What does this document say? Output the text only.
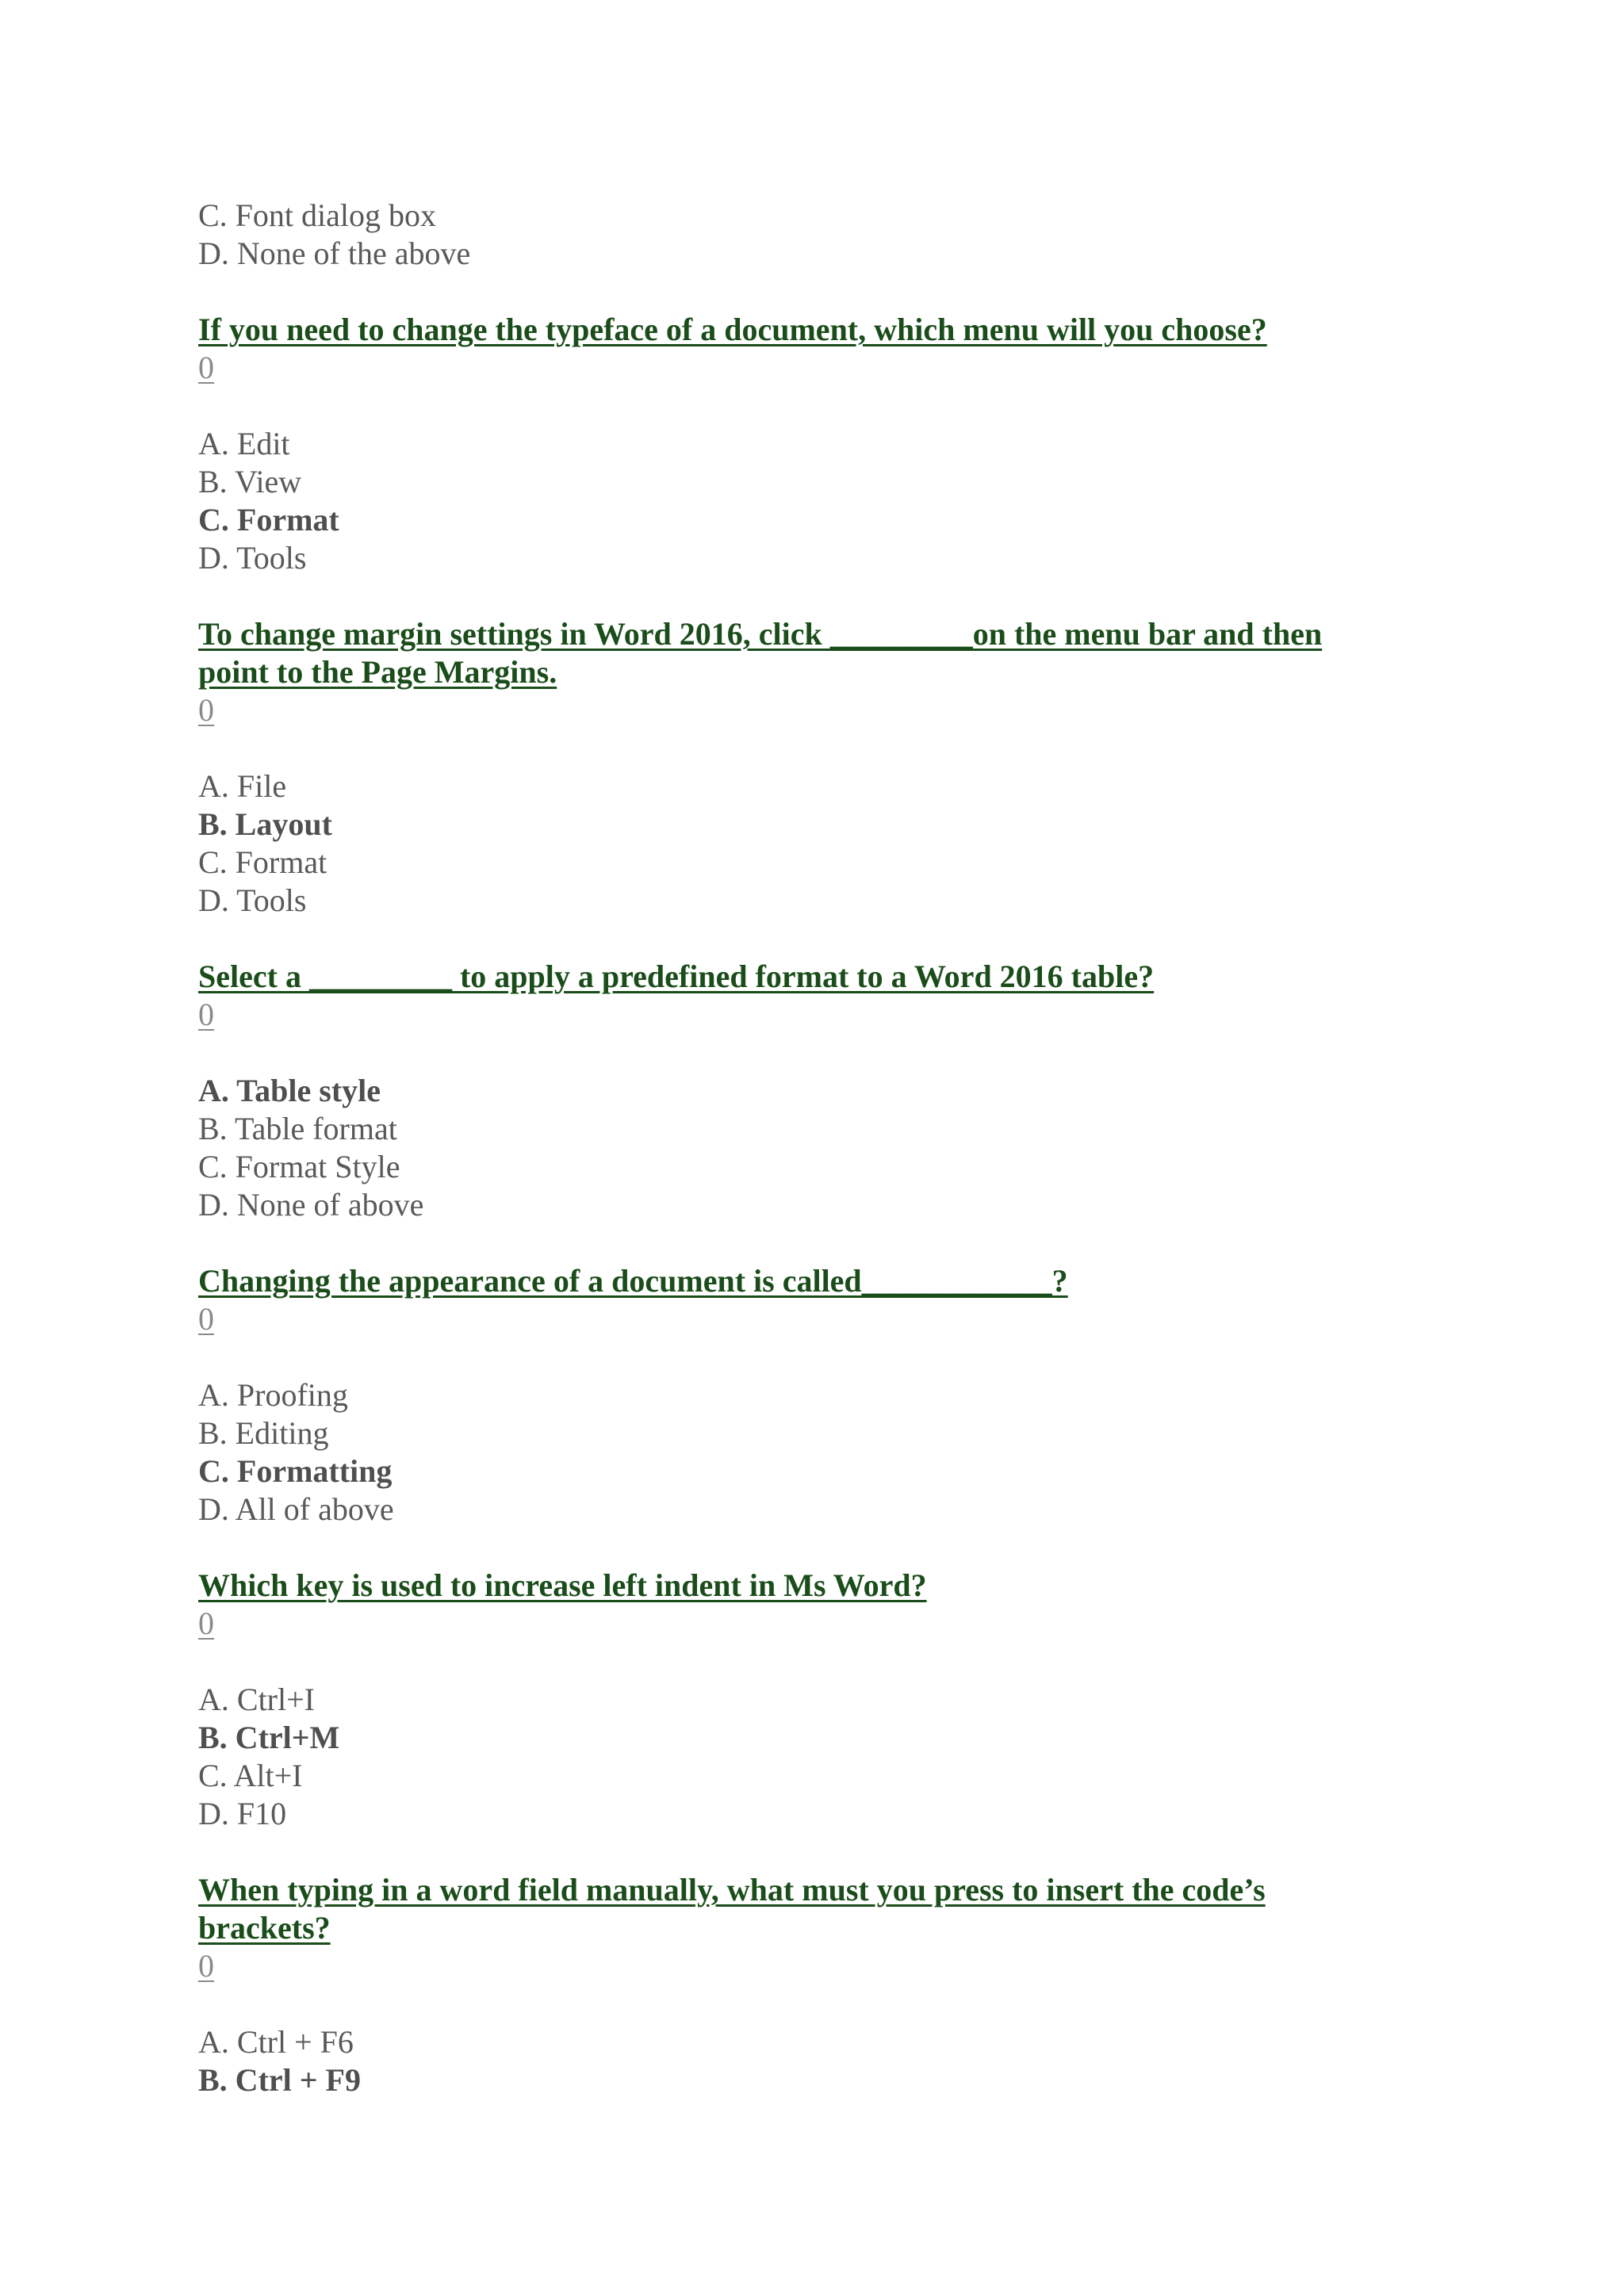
C. Font dialog box
D. None of the above
If you need to change the typeface of a document, which menu will you choose?
0
A. Edit
B. View
C. Format
D. Tools
To change margin settings in Word 2016, click _________on the menu bar and then
point to the Page Margins.
0
A. File
B. Layout
C. Format
D. Tools
Select a _________ to apply a predefined format to a Word 2016 table?
0
A. Table style
B. Table format
C. Format Style
D. None of above
Changing the appearance of a document is called____________?
0
A. Proofing
B. Editing
C. Formatting
D. All of above
Which key is used to increase left indent in Ms Word?
0
A. Ctrl+I
B. Ctrl+M
C. Alt+I
D. F10
When typing in a word field manually, what must you press to insert the code’s
brackets?
0
A. Ctrl + F6
B. Ctrl + F9
